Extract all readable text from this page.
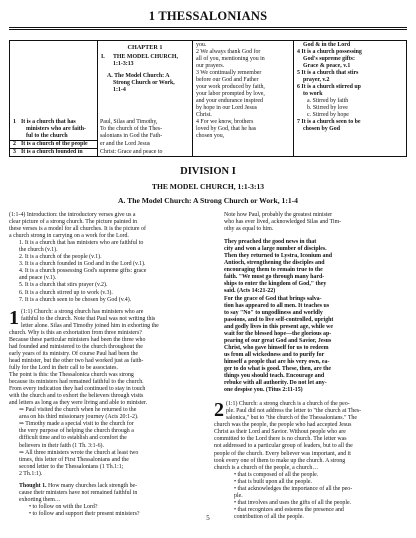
1 THESSALONIANS
CHAPTER 1
I. THE MODEL CHURCH,
1:1-3:13
A. The Model Church: A
Strong Church or Work,
1:1-4
1 It is a church that has
ministers who are faith-
ful to the church
2 It is a church of the people
3 It is a church founded in
Paul, Silas and Timothy,
To the church of the Thes-
salonians in God the Fath-
er and the Lord Jesus
Christ: Grace and peace to
you.
2 We always thank God for
all of you, mentioning you in
our prayers.
3 We continually remember
before our God and Father
your work produced by faith,
your labor prompted by love,
and your endurance inspired
by hope in our Lord Jesus
Christ.
4 For we know, brothers
loved by God, that he has
chosen you,
God & in the Lord
4 It is a church possessing
God's supreme gifts:
Grace & peace, v.1
5 It is a church that stirs
prayer, v.2
6 It is a church stirred up
to work
a. Stirred by faith
b. Stirred by love
c. Stirred by hope
7 It is a church seen to be
chosen by God
DIVISION I
THE MODEL CHURCH, 1:1-3:13
A. The Model Church: A Strong Church or Work, 1:1-4

(1:1-4) Introduction: the introductory verses give us a

clear picture of a strong church. The picture painted in

these verses is a model for all churches. It is the picture of

a church strong in carrying on a work for the Lord.

1. It is a church that has ministers who are faithful to

the church (v.1).

2. It is a church of the people (v.1).

3. It is a church founded in God and in the Lord (v.1).

4. It is a church possessing God's supreme gifts: grace

and peace (v.1).

5. It is a church that stirs prayer (v.2).

6. It is a church stirred up to work (v.3).

7. It is a church seen to be chosen by God (v.4).

1 (1:1) Church: a strong church has ministers who are

faithful to the church. Note that Paul was not writing this

letter alone. Silas and Timothy joined him in exhorting the

church. Why is this an exhortation from three ministers?

Because these particular ministers had been the three who

had founded and ministered to the church throughout the

early years of its ministry. Of course Paul had been the

head minister, but the other two had worked just as faith-

fully for the Lord in their call to be associates.

The point is this: the Thessalonica church was strong

because its ministers had remained faithful to the church.

From every indication they had continued to stay in touch

with the church and to exhort the believers through visits

and letters as long as they were living and able to minister.

⇒ Paul visited the church when he returned to the

area on his third missionary journey (Acts 20:1-2).

⇒ Timothy made a special visit to the church for

the very purpose of helping the church through a

difficult time and to establish and comfort the

believers in their faith (1 Th. 3:1-6).

⇒ All three ministers wrote the church at least two

times, this letter of First Thessalonians and the

second letter to the Thessalonians (1 Th.1:1;

2 Th.1:1).

Thought 1. How many churches lack strength be-

cause their ministers have not remained faithful in

exhorting them…

• to follow on with the Lord?

• to follow and support their present ministers?

Note how Paul, probably the greatest minister

who has ever lived, acknowledged Silas and Tim-

othy as equal to him.

They preached the good news in that

city and won a large number of disciples.

Then they returned to Lystra, Iconium and

Antioch, strengthening the disciples and

encouraging them to remain true to the

faith. "We must go through many hard-

ships to enter the kingdom of God," they

said. (Acts 14:21-22)

For the grace of God that brings salva-

tion has appeared to all men. It teaches us

to say "No" to ungodliness and worldly

passions, and to live self-controlled, upright

and godly lives in this present age, while we

wait for the blessed hope—the glorious ap-

pearing of our great God and Savior, Jesus

Christ, who gave himself for us to redeem

us from all wickedness and to purify for

himself a people that are his very own, ea-

ger to do what is good. These, then, are the

things you should teach. Encourage and

rebuke with all authority. Do not let any-

one despise you. (Titus 2:11-15)

2 (1:1) Church: a strong church is a church of the peo-

ple. Paul did not address the letter to "the church at Thes-

salonica," but to "the church of the Thessalonians." The

church was the people, the people who had accepted Jesus

Christ as their Lord and Savior. Without people who are

committed to the Lord there is no church. The letter was

not addressed to a particular group of leaders, but to all the

people of the church. Every believer was important, and it

took every one of them to make up the church. A strong

church is a church of the people, a church…

• that is composed of all the people.

• that is built upon all the people.

• that acknowledges the importance of all the peo-

ple.

• that involves and uses the gifts of all the people.

• that recognizes and esteems the presence and

contribution of all the people.

5
